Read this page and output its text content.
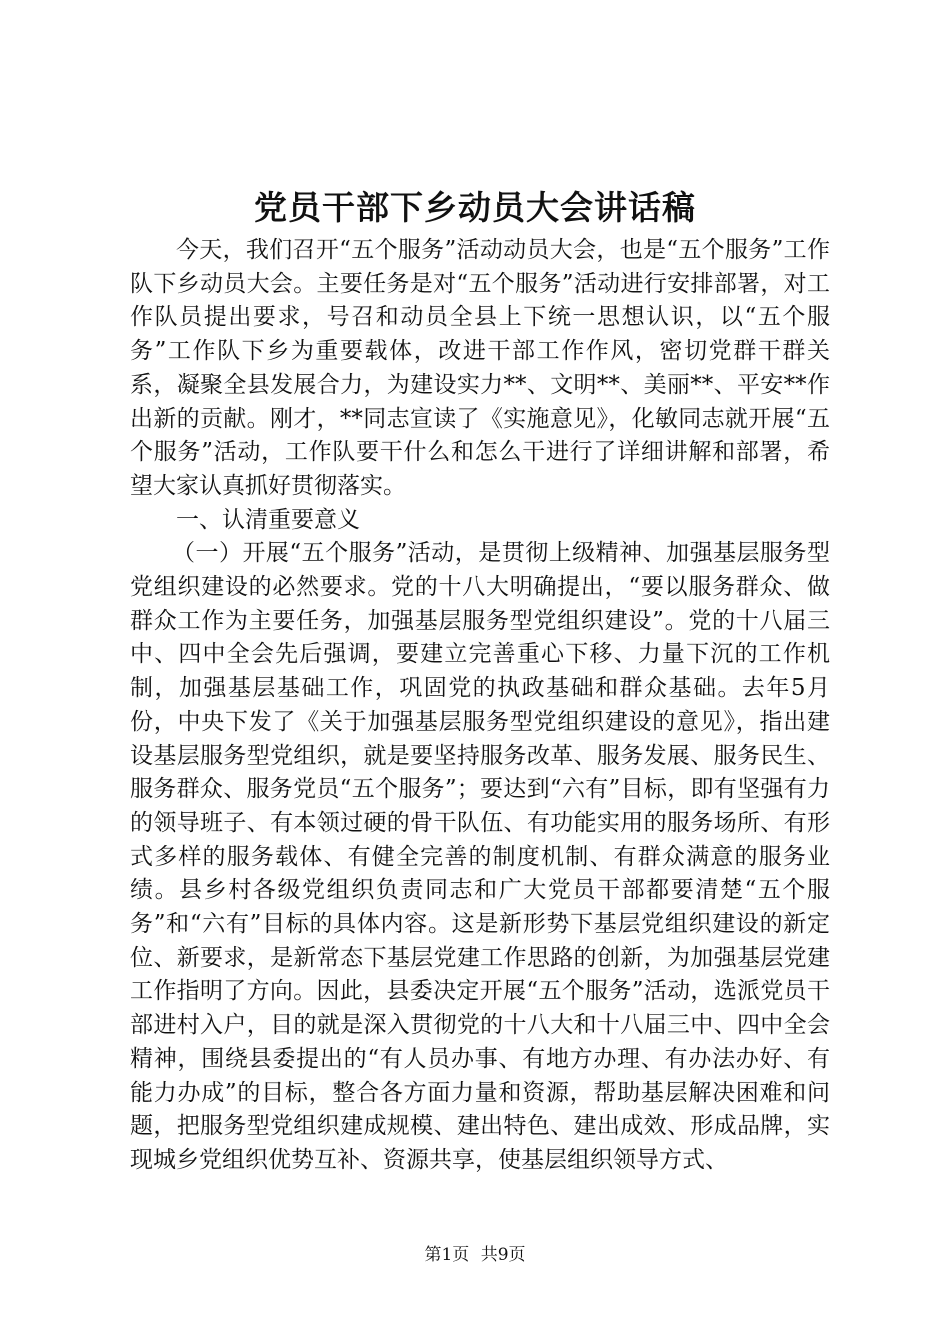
党员干部下乡动员大会讲话稿

今天，我们召开“五个服务”活动动员大会，也是“五个服务”工作队下乡动员大会。主要任务是对“五个服务”活动进行安排部署，对工作队员提出要求，号召和动员全县上下统一思想认识，以“五个服务”工作队下乡为重要载体，改进干部工作作风，密切党群干群关系，凝聚全县发展合力，为建设实力**、文明**、美丽**、平安**作出新的贡献。刚才，**同志宣读了《实施意见》，化敏同志就开展“五个服务”活动，工作队要干什么和怎么干进行了详细讲解和部署，希望大家认真抓好贯彻落实。

一、认清重要意义

（一）开展“五个服务”活动，是贯彻上级精神、加强基层服务型党组织建设的必然要求。党的十八大明确提出，“要以服务群众、做群众工作为主要任务，加强基层服务型党组织建设”。党的十八届三中、四中全会先后强调，要建立完善重心下移、力量下沉的工作机制，加强基层基础工作，巩固党的执政基础和群众基础。去年5月份，中央下发了《关于加强基层服务型党组织建设的意见》，指出建设基层服务型党组织，就是要坚持服务改革、服务发展、服务民生、服务群众、服务党员“五个服务”；要达到“六有”目标，即有坚强有力的领导班子、有本领过硬的骨干队伍、有功能实用的服务场所、有形式多样的服务载体、有健全完善的制度机制、有群众满意的服务业绩。县乡村各级党组织负责同志和广大党员干部都要清楚“五个服务”和“六有”目标的具体内容。这是新形势下基层党组织建设的新定位、新要求，是新常态下基层党建工作思路的创新，为加强基层党建工作指明了方向。因此，县委决定开展“五个服务”活动，选派党员干部进村入户，目的就是深入贯彻党的十八大和十八届三中、四中全会精神，围绕县委提出的“有人员办事、有地方办理、有办法办好、有能力办成”的目标，整合各方面力量和资源，帮助基层解决困难和问题，把服务型党组织建成规模、建出特色、建出成效、形成品牌，实现城乡党组织优势互补、资源共享，使基层组织领导方式、

第1页 共9页
